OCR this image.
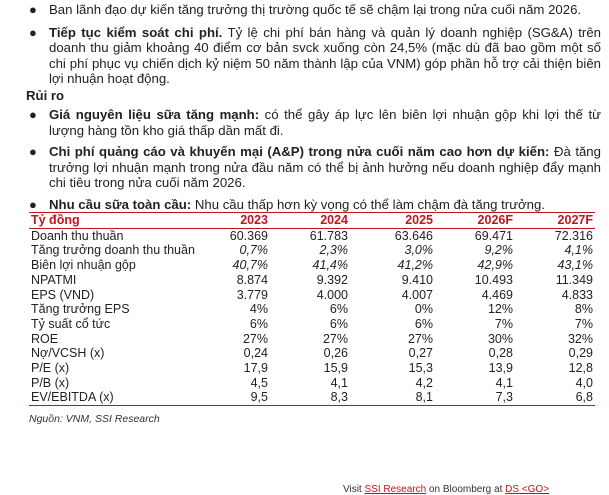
● Ban lãnh đạo dự kiến tăng trưởng thị trường quốc tế sẽ chậm lại trong nửa cuối năm 2026.
● Tiếp tục kiểm soát chi phí. Tỷ lệ chi phí bán hàng và quản lý doanh nghiệp (SG&A) trên doanh thu giảm khoảng 40 điểm cơ bản svck xuống còn 24,5% (mặc dù đã bao gồm một số chi phí phục vụ chiến dịch kỷ niệm 50 năm thành lập của VNM) góp phần hỗ trợ cải thiện biên lợi nhuận hoạt động.
Rủi ro
● Giá nguyên liệu sữa tăng mạnh: có thể gây áp lực lên biên lợi nhuận gộp khi lợi thế từ lượng hàng tồn kho giá thấp dần mất đi.
● Chi phí quảng cáo và khuyến mại (A&P) trong nửa cuối năm cao hơn dự kiến: Đà tăng trưởng lợi nhuận mạnh trong nửa đầu năm có thể bị ảnh hưởng nếu doanh nghiệp đẩy mạnh chi tiêu trong nửa cuối năm 2026.
● Nhu cầu sữa toàn cầu: Nhu cầu thấp hơn kỳ vọng có thể làm chậm đà tăng trưởng.
Tỷ đồng	2023	2024	2025	2026F	2027F
Doanh thu thuần	60.369	61.783	63.646	69.471	72.316
Tăng trưởng doanh thu thuần	0,7%	2,3%	3,0%	9,2%	4,1%
Biên lợi nhuận gộp	40,7%	41,4%	41,2%	42,9%	43,1%
NPATMI	8.874	9.392	9.410	10.493	11.349
EPS (VND)	3.779	4.000	4.007	4.469	4.833
Tăng trưởng EPS	4%	6%	0%	12%	8%
Tỷ suất cổ tức	6%	6%	6%	7%	7%
ROE	27%	27%	27%	30%	32%
Nợ/VCSH (x)	0,24	0,26	0,27	0,28	0,29
P/E (x)	17,9	15,9	15,3	13,9	12,8
P/B (x)	4,5	4,1	4,2	4,1	4,0
EV/EBITDA (x)	9,5	8,3	8,1	7,3	6,8
Nguồn: VNM, SSI Research
Visit SSI Research on Bloomberg at DS <GO>
